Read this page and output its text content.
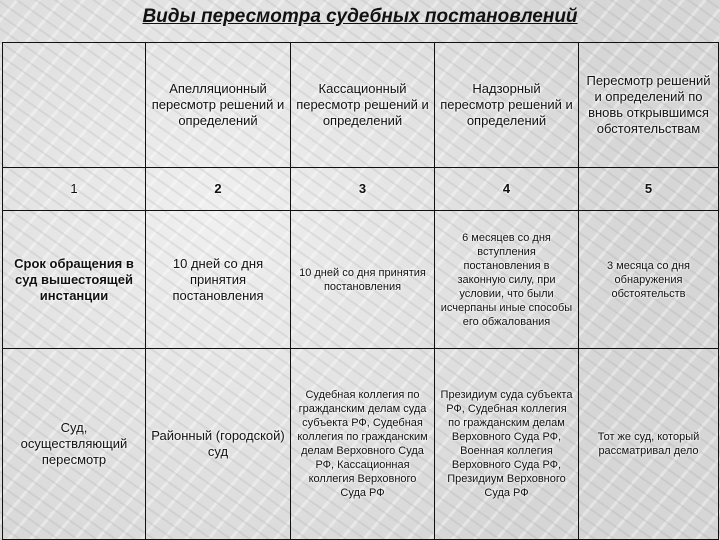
Виды пересмотра судебных постановлений
	Апелляционный пересмотр решений и определений	Кассационный пересмотр решений и определений	Надзорный пересмотр решений и определений	Пересмотр решений и определений по вновь открывшимся обстоятельствам
1	2	3	4	5
Срок обращения в суд вышестоящей инстанции	10 дней со дня принятия постановления	10 дней со дня принятия постановления	6 месяцев со дня вступления постановления в законную силу, при условии, что были исчерпаны иные способы его обжалования	3 месяца со дня обнаружения обстоятельств
Суд, осуществляющий пересмотр	Районный (городской) суд	Судебная коллегия по гражданским делам суда субъекта РФ, Судебная коллегия по гражданским делам Верховного Суда РФ, Кассационная коллегия Верховного Суда РФ	Президиум суда субъекта РФ, Судебная коллегия по гражданским делам Верховного Суда РФ, Военная коллегия Верховного Суда РФ, Президиум Верховного Суда РФ	Тот же суд, который рассматривал дело
